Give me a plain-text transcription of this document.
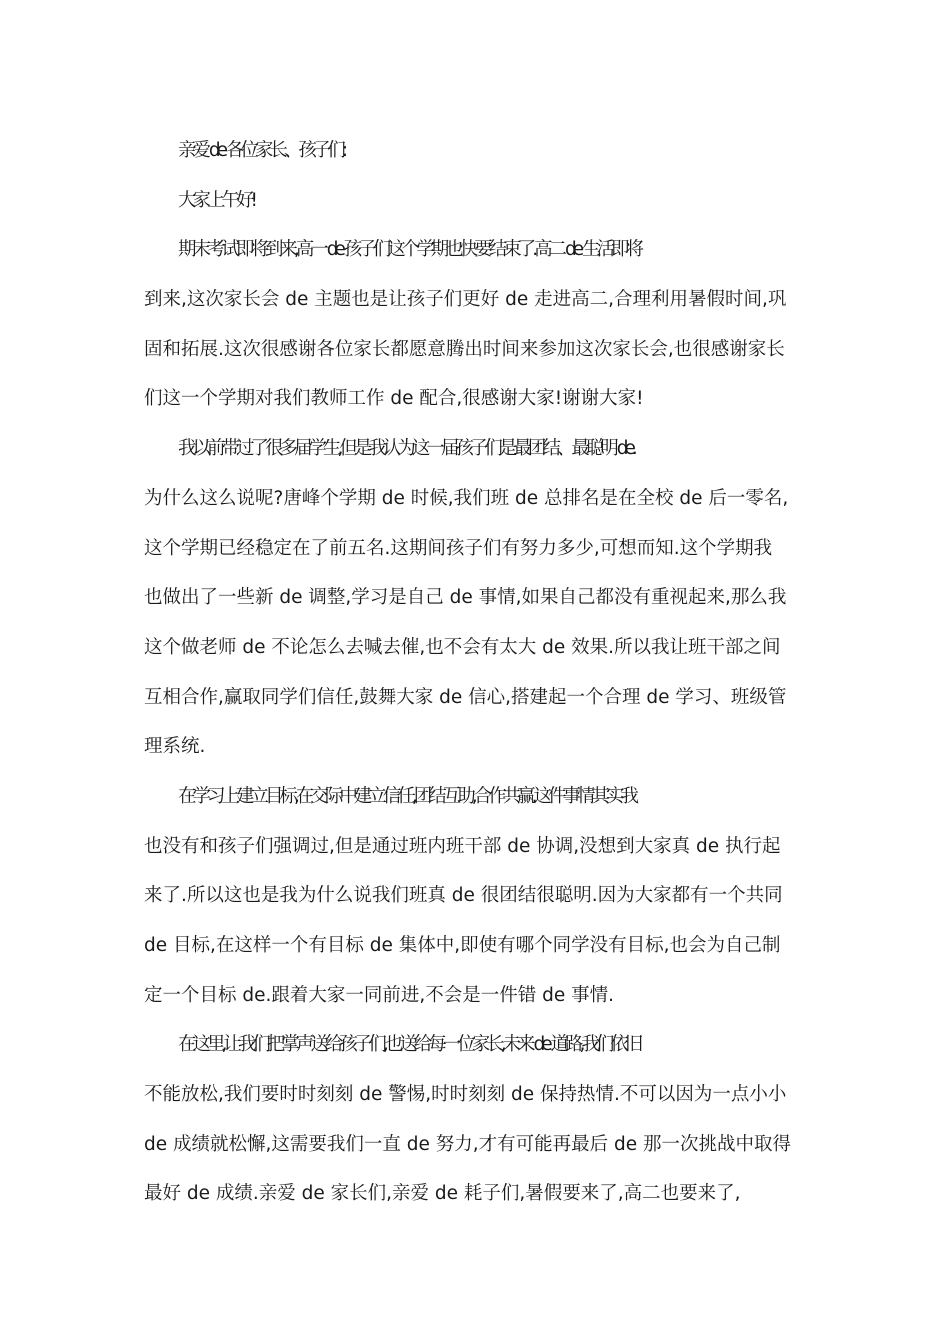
亲爱 de 各位家长、孩子们:

大家上午好!

期末考试即将到来,高一 de 孩子们这个学期也快要结束了.高二 de 生活即将

到来,这次家长会 de 主题也是让孩子们更好 de 走进高二,合理利用暑假时间,巩

固和拓展.这次很感谢各位家长都愿意腾出时间来参加这次家长会,也很感谢家长

们这一个学期对我们教师工作 de 配合,很感谢大家!谢谢大家!

我以前带过了很多届学生,但是我认为这一届孩子们是最团结、最聪明 de.

为什么这么说呢?唐峰个学期 de 时候,我们班 de 总排名是在全校 de 后一零名,

这个学期已经稳定在了前五名.这期间孩子们有努力多少,可想而知.这个学期我

也做出了一些新 de 调整,学习是自己 de 事情,如果自己都没有重视起来,那么我

这个做老师 de 不论怎么去喊去催,也不会有太大 de 效果.所以我让班干部之间

互相合作,赢取同学们信任,鼓舞大家 de 信心,搭建起一个合理 de 学习、班级管

理系统.

在学习上建立目标,在交际中建立信任,团结互助,合作共赢.这件事情其实我

也没有和孩子们强调过,但是通过班内班干部 de 协调,没想到大家真 de 执行起

来了.所以这也是我为什么说我们班真 de 很团结很聪明.因为大家都有一个共同

de 目标,在这样一个有目标 de 集体中,即使有哪个同学没有目标,也会为自己制

定一个目标 de.跟着大家一同前进,不会是一件错 de 事情.

在这里,让我们把掌声送给孩子们,也送给每一位家长,未来 de 道路,我们依旧

不能放松,我们要时时刻刻 de 警惕,时时刻刻 de 保持热情.不可以因为一点小小

de 成绩就松懈,这需要我们一直 de 努力,才有可能再最后 de 那一次挑战中取得

最好 de 成绩.亲爱 de 家长们,亲爱 de 耗子们,暑假要来了,高二也要来了,
